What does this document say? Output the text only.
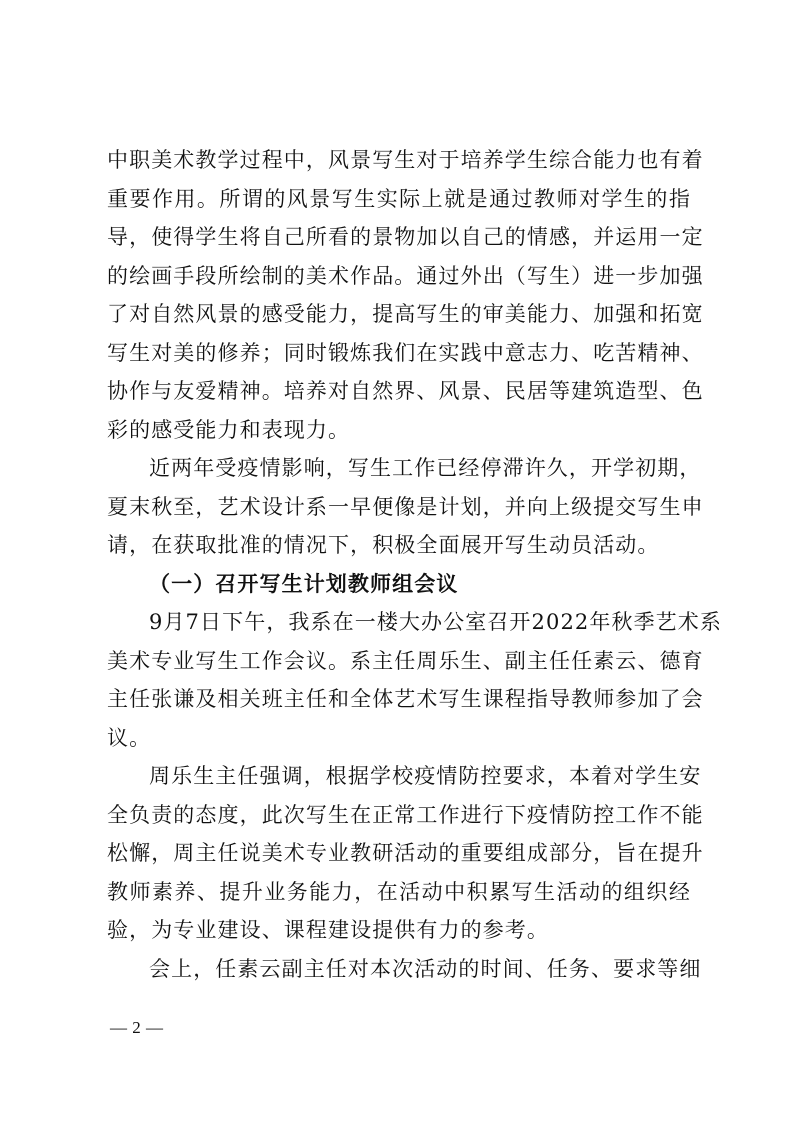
中职美术教学过程中，风景写生对于培养学生综合能力也有着
重要作用。所谓的风景写生实际上就是通过教师对学生的指
导，使得学生将自己所看的景物加以自己的情感，并运用一定
的绘画手段所绘制的美术作品。通过外出（写生）进一步加强
了对自然风景的感受能力，提高写生的审美能力、加强和拓宽
写生对美的修养；同时锻炼我们在实践中意志力、吃苦精神、
协作与友爱精神。培养对自然界、风景、民居等建筑造型、色
彩的感受能力和表现力。

近两年受疫情影响，写生工作已经停滞许久，开学初期，
夏末秋至，艺术设计系一早便像是计划，并向上级提交写生申
请，在获取批准的情况下，积极全面展开写生动员活动。

（一）召开写生计划教师组会议

9月7日下午，我系在一楼大办公室召开2022年秋季艺术系
美术专业写生工作会议。系主任周乐生、副主任任素云、德育
主任张谦及相关班主任和全体艺术写生课程指导教师参加了会
议。

周乐生主任强调，根据学校疫情防控要求，本着对学生安
全负责的态度，此次写生在正常工作进行下疫情防控工作不能
松懈，周主任说美术专业教研活动的重要组成部分，旨在提升
教师素养、提升业务能力，在活动中积累写生活动的组织经
验，为专业建设、课程建设提供有力的参考。

会上，任素云副主任对本次活动的时间、任务、要求等细

— 2 —
